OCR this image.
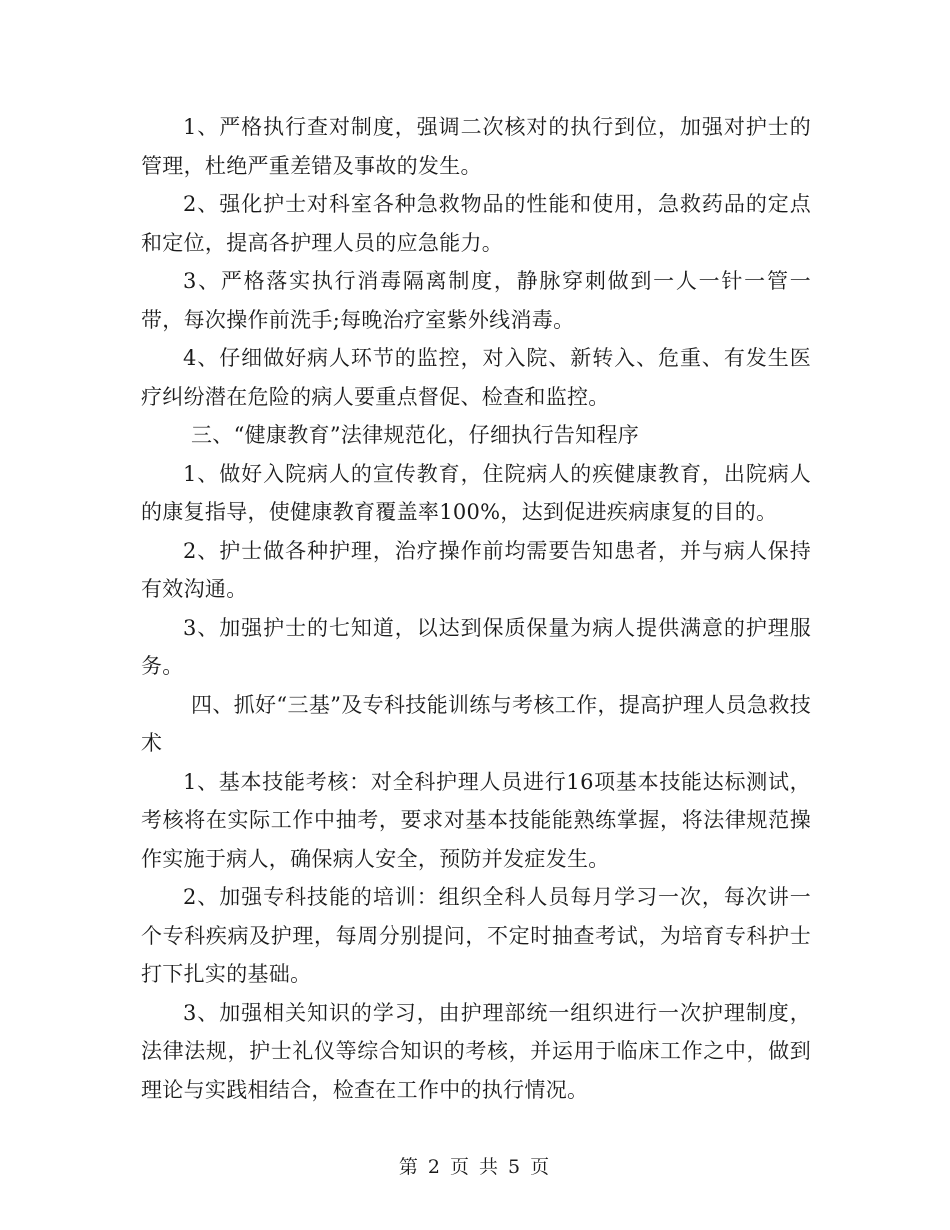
1、严格执行查对制度，强调二次核对的执行到位，加强对护士的管理，杜绝严重差错及事故的发生。

2、强化护士对科室各种急救物品的性能和使用，急救药品的定点和定位，提高各护理人员的应急能力。

3、严格落实执行消毒隔离制度，静脉穿刺做到一人一针一管一带，每次操作前洗手;每晚治疗室紫外线消毒。

4、仔细做好病人环节的监控，对入院、新转入、危重、有发生医疗纠纷潜在危险的病人要重点督促、检查和监控。

三、“健康教育”法律规范化，仔细执行告知程序

1、做好入院病人的宣传教育，住院病人的疾健康教育，出院病人的康复指导，使健康教育覆盖率100%，达到促进疾病康复的目的。

2、护士做各种护理，治疗操作前均需要告知患者，并与病人保持有效沟通。

3、加强护士的七知道，以达到保质保量为病人提供满意的护理服务。

四、抓好“三基”及专科技能训练与考核工作，提高护理人员急救技术

1、基本技能考核：对全科护理人员进行16项基本技能达标测试，考核将在实际工作中抽考，要求对基本技能能熟练掌握，将法律规范操作实施于病人，确保病人安全，预防并发症发生。

2、加强专科技能的培训：组织全科人员每月学习一次，每次讲一个专科疾病及护理，每周分别提问，不定时抽查考试，为培育专科护士打下扎实的基础。

3、加强相关知识的学习，由护理部统一组织进行一次护理制度，法律法规，护士礼仪等综合知识的考核，并运用于临床工作之中，做到理论与实践相结合，检查在工作中的执行情况。

第 2 页 共 5 页
